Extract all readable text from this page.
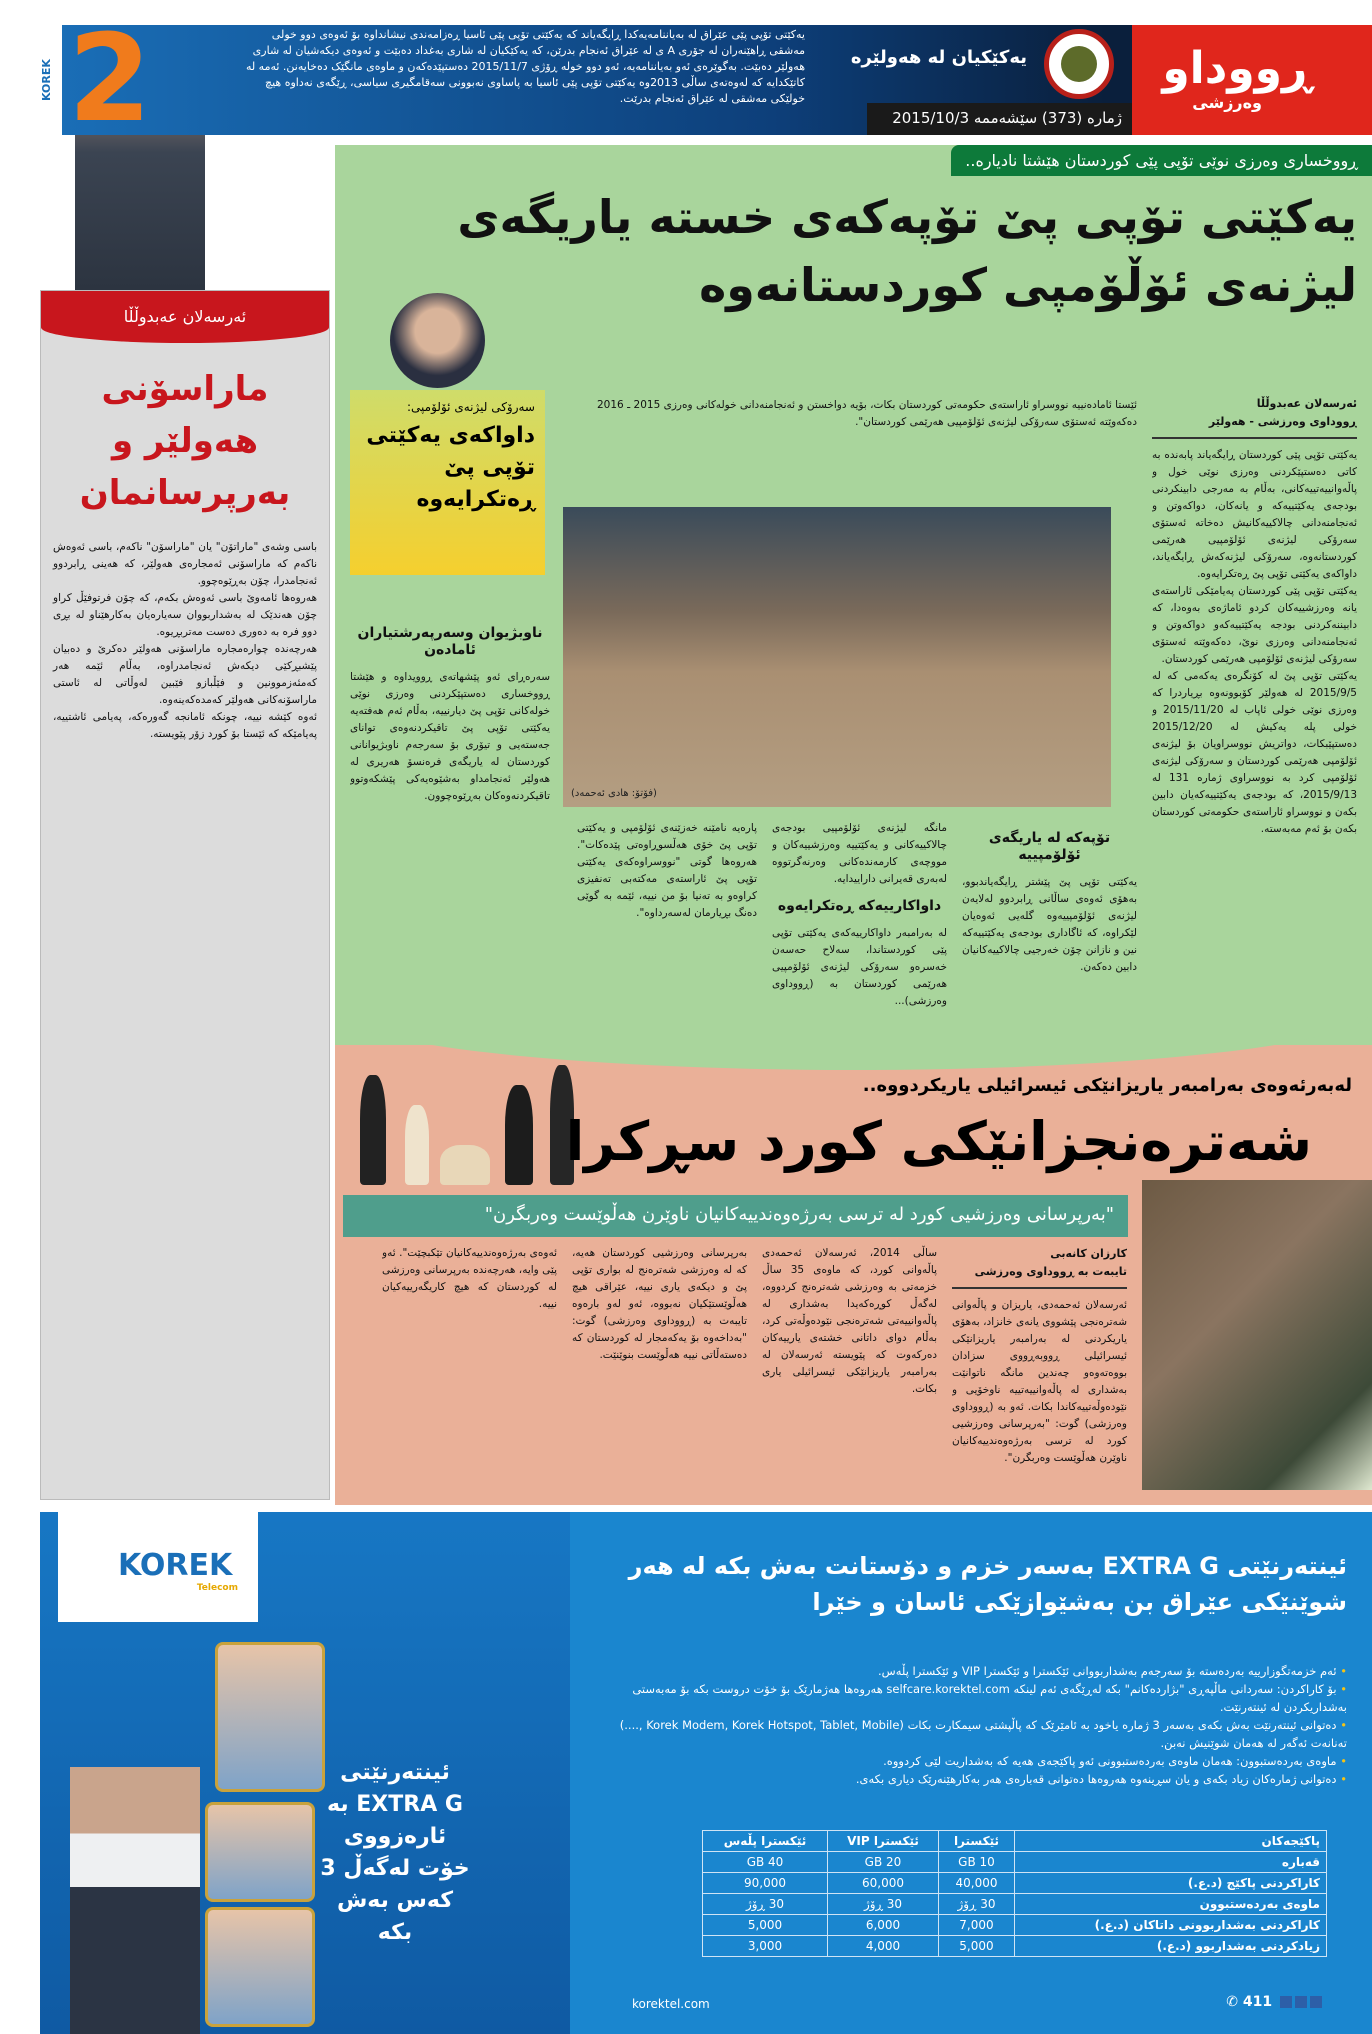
KOREK 2	یەکێتی تۆپی پێی عێراق لە بەیاننامەیەکدا ڕایگەیاند کە یەکێتی تۆپی پێی ئاسیا ڕەزامەندی نیشانداوە بۆ ئەوەی دوو خولی مەشقی ڕاهێنەران لە جۆری A ی لە عێراق ئەنجام بدرێن، کە یەکێکیان لە شاری بەغداد دەبێت و ئەوەی دیکەشیان لە شاری هەولێر دەبێت. بەگوێرەی ئەو بەیاننامەیە، ئەو دوو خولە ڕۆژی 2015/11/7 دەستپێدەکەن و ماوەی مانگێک دەخایەنن. ئەمە لە کاتێکدایە کە لەوەتەی ساڵی 2013وە یەکێتی تۆپی پێی ئاسیا بە پاساوی نەبوونی سەقامگیری سیاسی، ڕێگەی نەداوە هیچ خولێکی مەشقی لە عێراق ئەنجام بدرێت.
یەکێکیان لە هەولێرە
ژمارە (373) سێشەممە 2015/10/3
ڕووداو
وەرزشی
ئەرسەلان عەبدوڵڵا
ماراسۆنی هەولێر و بەرپرسانمان

باسی وشەی "ماراتۆن" یان "ماراسۆن" ناکەم، باسی ئەوەش ناکەم کە ماراسۆنی ئەمجارەی هەولێر، کە هەینی ڕابردوو ئەنجامدرا، چۆن بەڕێوەچوو.

هەروەها ئامەوێ باسی ئەوەش بکەم، کە چۆن فرتوفێڵ کراو چۆن هەندێک لە بەشداربووان سەیارەیان بەکارهێناو لە بڕی دوو فرە بە دەوری دەست مەتربڕیوە.

هەرچەندە چوارەمجارە ماراسۆنی هەولێر دەکرێ و دەبیان پێشبڕکێی دیکەش ئەنجامدراوە، بەڵام ئێمە هەر کەمئەزموونین و فێڵبازو فێبین لەوڵاتی لە ئاستی ماراسۆنەکانی هەولێر کەمدەکەینەوە.

ئەوە کێشە نییە، چونکە ئامانجە گەورەکە، پەیامی ئاشتییە، پەیامێکە کە ئێستا بۆ کورد زۆر پێویستە.

ڕووخساری وەرزی نوێی تۆپی پێی کوردستان هێشتا نادیارە..
یەکێتی تۆپی پێ تۆپەکەی خستە یاریگەی لیژنەی ئۆڵۆمپی کوردستانەوە
سەرۆکی لیژنەی ئۆلۆمپی:
داواکەی یەکێتی تۆپی پێ ڕەتکرایەوە
ئەرسەلان عەبدوڵڵا
ڕووداوی وەرزشی - هەولێر

یەکێتی تۆپی پێی کوردستان ڕایگەیاند پابەندە بە کاتی دەستپێکردنی وەرزی نوێی خول و پاڵەوانییەتییەکانی، بەڵام بە مەرجی دابینکردنی بودجەی یەکێتییەکە و یانەکان، دواکەوتن و ئەنجامنەدانی چالاکییەکانیش دەخاتە ئەستۆی سەرۆکی لیژنەی ئۆلۆمپیی هەرێمی کوردستانەوە، سەرۆکی لیژنەکەش ڕایگەیاند، داواکەی یەکێتی تۆپی پێ ڕەتکرایەوە.

یەکێتی تۆپی پێی کوردستان پەیامێکی ئاراستەی یانە وەرزشییەکان کردو ئاماژەی بەوەدا، کە دابیننەکردنی بودجە یەکێتییەکەو دواکەوتن و ئەنجامنەدانی وەرزی نوێ، دەکەوێتە ئەستۆی سەرۆکی لیژنەی ئۆلۆمپی هەرێمی کوردستان.

یەکێتی تۆپی پێ لە کۆنگرەی یەکەمی کە لە 2015/9/5 لە هەولێر کۆبوونەوە بڕیاردرا کە وەرزی نوێی خولی ئاپاب لە 2015/11/20 و خولی پلە یەکیش لە 2015/12/20 دەستپێبکات، دواتریش نووسراویان بۆ لیژنەی ئۆلۆمپی هەرێمی کوردستان و سەرۆکی لیژنەی ئۆلۆمپی کرد بە نووسراوی ژمارە 131 لە 2015/9/13، کە بودجەی یەکێتییەکەیان دابین بکەن و نووسراو ئاراستەی حکومەتی کوردستان بکەن بۆ ئەم مەبەستە.

ئێستا ئامادەنییە نووسراو ئاراستەی حکومەتی کوردستان بکات، بۆیە دواخستن و ئەنجامنەدانی خولەکانی وەرزی 2015 ـ 2016 دەکەوێتە ئەستۆی سەرۆکی لیژنەی ئۆلۆمپیی هەرێمی کوردستان".

ناوبژیوان وسەرپەرشتیاران ئامادەن

سەرەڕای ئەو پێشهاتەی ڕوویداوە و هێشتا ڕووخساری دەستپێکردنی وەرزی نوێی خولەکانی تۆپی پێ دیارنییە، بەڵام ئەم هەفتەیە یەکێتی تۆپی پێ تاقیکردنەوەی توانای جەستەیی و تیۆری بۆ سەرجەم ناوبژیوانانی کوردستان لە یاریگەی فرەنسۆ هەریری لە هەولێر ئەنجامداو بەشێوەیەکی پێشکەوتوو تاقیکردنەوەکان بەڕێوەچوون. (فۆتۆ: هادی ئەحمەد)
تۆپەکە لە یاریگەی ئۆلۆمپییە

یەکێتی تۆپی پێ پێشتر ڕایگەیاندبوو، بەهۆی ئەوەی ساڵانی ڕابردوو لەلایەن لیژنەی ئۆلۆمپییەوە گلەیی ئەوەیان لێکراوە، کە ئاگاداری بودجەی یەکێتییەکە نین و نازانن چۆن خەرجیی چالاکییەکانیان دابین دەکەن.

مانگە لیژنەی ئۆلۆمپیی بودجەی چالاکییەکانی و یەکێتییە وەرزشییەکان و مووچەی کارمەندەکانی وەرنەگرتووە لەبەری قەیرانی داراییدایە.

داواکارییەکە ڕەتکرایەوە

لە بەرامبەر داواکارییەکەی یەکێتی تۆپی پێی کوردستاندا، سەلاح حەسەن خەسرەو سەرۆکی لیژنەی ئۆلۆمپیی هەرێمی کوردستان بە (ڕووداوی وەرزشی)...

پارەیە نامێنە خەزێنەی ئۆلۆمپی و یەکێتی تۆپی پێ خۆی هەڵسوڕاوەتی پێدەکات". هەروەها گوتی "نووسراوەکەی یەکێتی تۆپی پێ ئاراستەی مەکتەبی تەنفیزی کراوەو بە تەنیا بۆ من نییە، ئێمە بە گوێی دەنگ بڕیارمان لەسەرداوە".

لەبەرئەوەی بەرامبەر یاریزانێکی ئیسرائیلی یاریکردووە..
شەترەنجزانێکی کورد سڕکرا
"بەرپرسانی وەرزشیی کورد لە ترسی بەرژەوەندییەکانیان ناوێرن هەڵوێست وەربگرن"
کارزان کانەبی
تایبەت بە ڕووداوی وەرزشی

ئەرسەلان ئەحمەدی، یاریزان و پاڵەوانی شەترەنجی پێشووی یانەی خانزاد، بەهۆی یاریکردنی لە بەرامبەر یاریزانێکی ئیسرائیلی ڕووبەڕووی سزادان بووەتەوەو چەندین مانگە ناتوانێت بەشداری لە پاڵەوانییەتییە ناوخۆیی و نێودەوڵەتییەکاندا بکات. ئەو بە (ڕووداوی وەرزشی) گوت: "بەرپرسانی وەرزشیی کورد لە ترسی بەرژەوەندییەکانیان ناوێرن هەڵوێست وەربگرن".

ساڵی 2014، ئەرسەلان ئەحمەدی پاڵەوانی کورد، کە ماوەی 35 ساڵ خزمەتی بە وەرزشی شەترەنج کردووە، لەگەڵ کوڕەکەیدا بەشداری لە پاڵەوانییەتی شەترەنجی نێودەوڵەتی کرد، بەڵام دوای داتانی خشتەی یارییەکان دەرکەوت کە پێویستە ئەرسەلان لە بەرامبەر یاریزانێکی ئیسرائیلی یاری بکات.

بەرپرسانی وەرزشیی کوردستان هەیە، کە لە وەرزشی شەترەنج لە بواری تۆپی پێ و دیکەی یاری نییە، عێراقی هیچ هەڵوێستێکیان نەبووە، ئەو لەو بارەوە تایبەت بە (ڕووداوی وەرزشی) گوت: "بەداخەوە بۆ یەکەمجار لە کوردستان کە دەستەڵاتی نییە هەڵوێست بنوێنێت.

ئەوەی بەرژەوەندییەکانیان تێکبچێت". ئەو پێی وایە، هەرچەندە بەرپرسانی وەرزشی لە کوردستان کە هیچ کاریگەرییەکیان نییە.

KOREK
Telecom
ئینتەرنێتی EXTRA G بە ئارەزووی خۆت لەگەڵ 3 کەس بەش بکە
ئینتەرنێتی EXTRA G بەسەر خزم و دۆستانت بەش بکە لە هەر شوێنێکی عێراق بن بەشێوازێکی ئاسان و خێرا
• ئەم خزمەتگوزارییە بەردەستە بۆ سەرجەم بەشداربووانی ئێکسترا و ئێکسترا VIP و ئێکسترا پڵەس.
• بۆ کاراکردن: سەردانی ماڵپەڕی "بژاردەکانم" بکە لەڕێگەی ئەم لینکە selfcare.korektel.com هەروەها هەژمارێک بۆ خۆت دروست بکە بۆ مەبەستی بەشداریکردن لە ئینتەرنێت.
• دەتوانی ئینتەرنێت بەش بکەی بەسەر 3 ژمارە یاخود بە ئامێرێک کە پاڵپشتی سیمکارت بکات (Korek Modem, Korek Hotspot, Tablet, Mobile ,....) تەنانەت ئەگەر لە هەمان شوێنیش نەبن.
• ماوەی بەردەستبوون: هەمان ماوەی بەردەستبوونی ئەو پاکێجەی هەیە کە بەشداریت لێی کردووە.
• دەتوانی ژمارەکان زیاد بکەی و یان سڕینەوە هەروەها دەتوانی قەبارەی هەر بەکارهێنەرێک دیاری بکەی.
پاکێجەکان	ئێکسترا	ئێکسترا VIP	ئێکسترا پڵەس
قەبارە	10 GB	20 GB	40 GB
کاراکردنی پاکێج (د.ع.)	40,000	60,000	90,000
ماوەی بەردەستبوون	30 ڕۆژ	30 ڕۆژ	30 ڕۆژ
کاراکردنی بەشداربوونی داتاکان (د.ع.)	7,000	6,000	5,000
زیادکردنی بەشداربوو (د.ع.)	5,000	4,000	3,000
korektel.com	✆ 411
